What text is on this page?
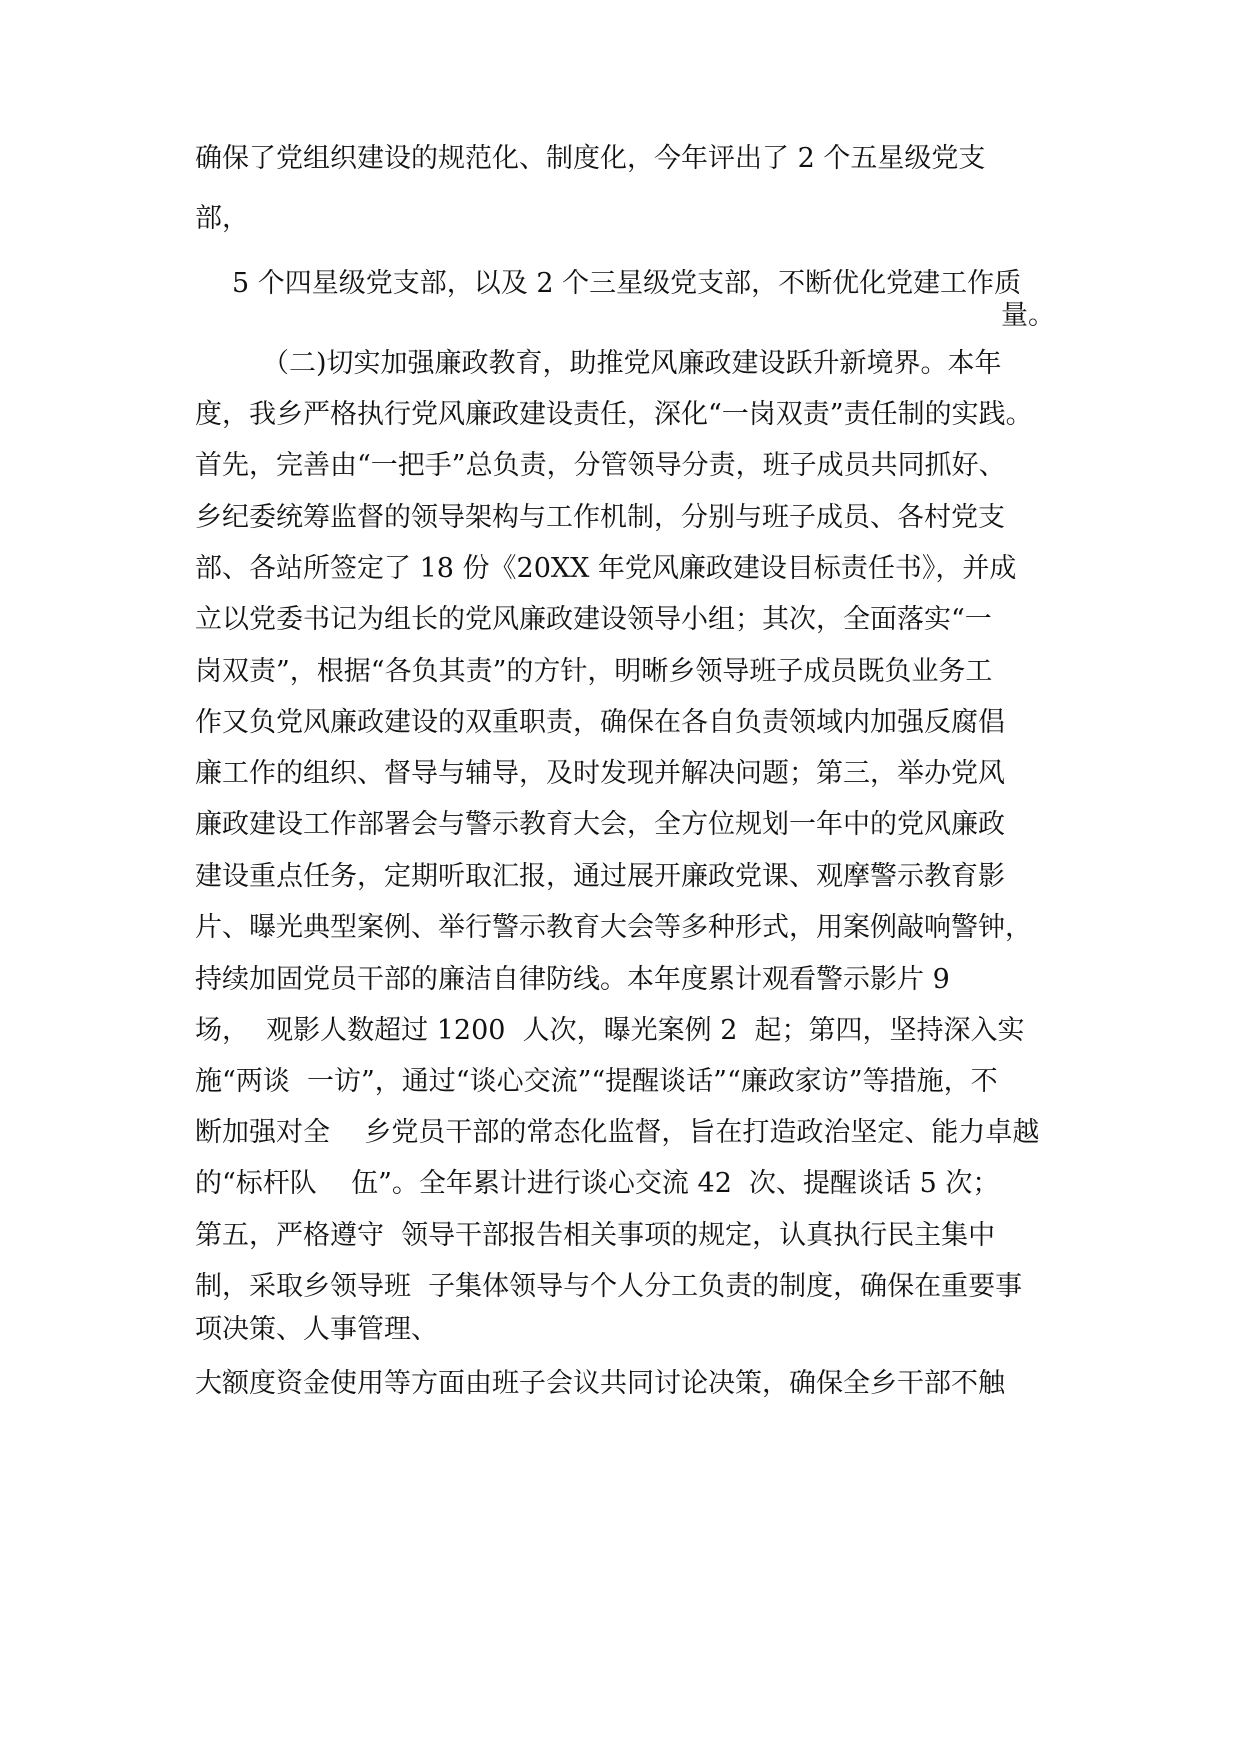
确保了党组织建设的规范化、制度化，今年评出了 2 个五星级党支
部，
5 个四星级党支部，以及 2 个三星级党支部，不断优化党建工作质
量。
（二)切实加强廉政教育，助推党风廉政建设跃升新境界。本年
度，我乡严格执行党风廉政建设责任，深化“一岗双责”责任制的实践。
首先，完善由“一把手”总负责，分管领导分责，班子成员共同抓好、
乡纪委统筹监督的领导架构与工作机制，分别与班子成员、各村党支
部、各站所签定了 18 份《20XX 年党风廉政建设目标责任书》，并成
立以党委书记为组长的党风廉政建设领导小组；其次，全面落实“一
岗双责”，根据“各负其责”的方针，明晰乡领导班子成员既负业务工
作又负党风廉政建设的双重职责，确保在各自负责领域内加强反腐倡
廉工作的组织、督导与辅导，及时发现并解决问题；第三，举办党风
廉政建设工作部署会与警示教育大会，全方位规划一年中的党风廉政
建设重点任务，定期听取汇报，通过展开廉政党课、观摩警示教育影
片、曝光典型案例、举行警示教育大会等多种形式，用案例敲响警钟，
持续加固党员干部的廉洁自律防线。本年度累计观看警示影片 9
场，  观影人数超过 1200  人次，曝光案例 2  起；第四，坚持深入实
施“两谈  一访”，通过“谈心交流”“提醒谈话”“廉政家访”等措施，不
断加强对全    乡党员干部的常态化监督，旨在打造政治坚定、能力卓越
的“标杆队    伍”。全年累计进行谈心交流 42  次、提醒谈话 5 次；
第五，严格遵守  领导干部报告相关事项的规定，认真执行民主集中
制，采取乡领导班  子集体领导与个人分工负责的制度，确保在重要事
项决策、人事管理、
大额度资金使用等方面由班子会议共同讨论决策，确保全乡干部不触
